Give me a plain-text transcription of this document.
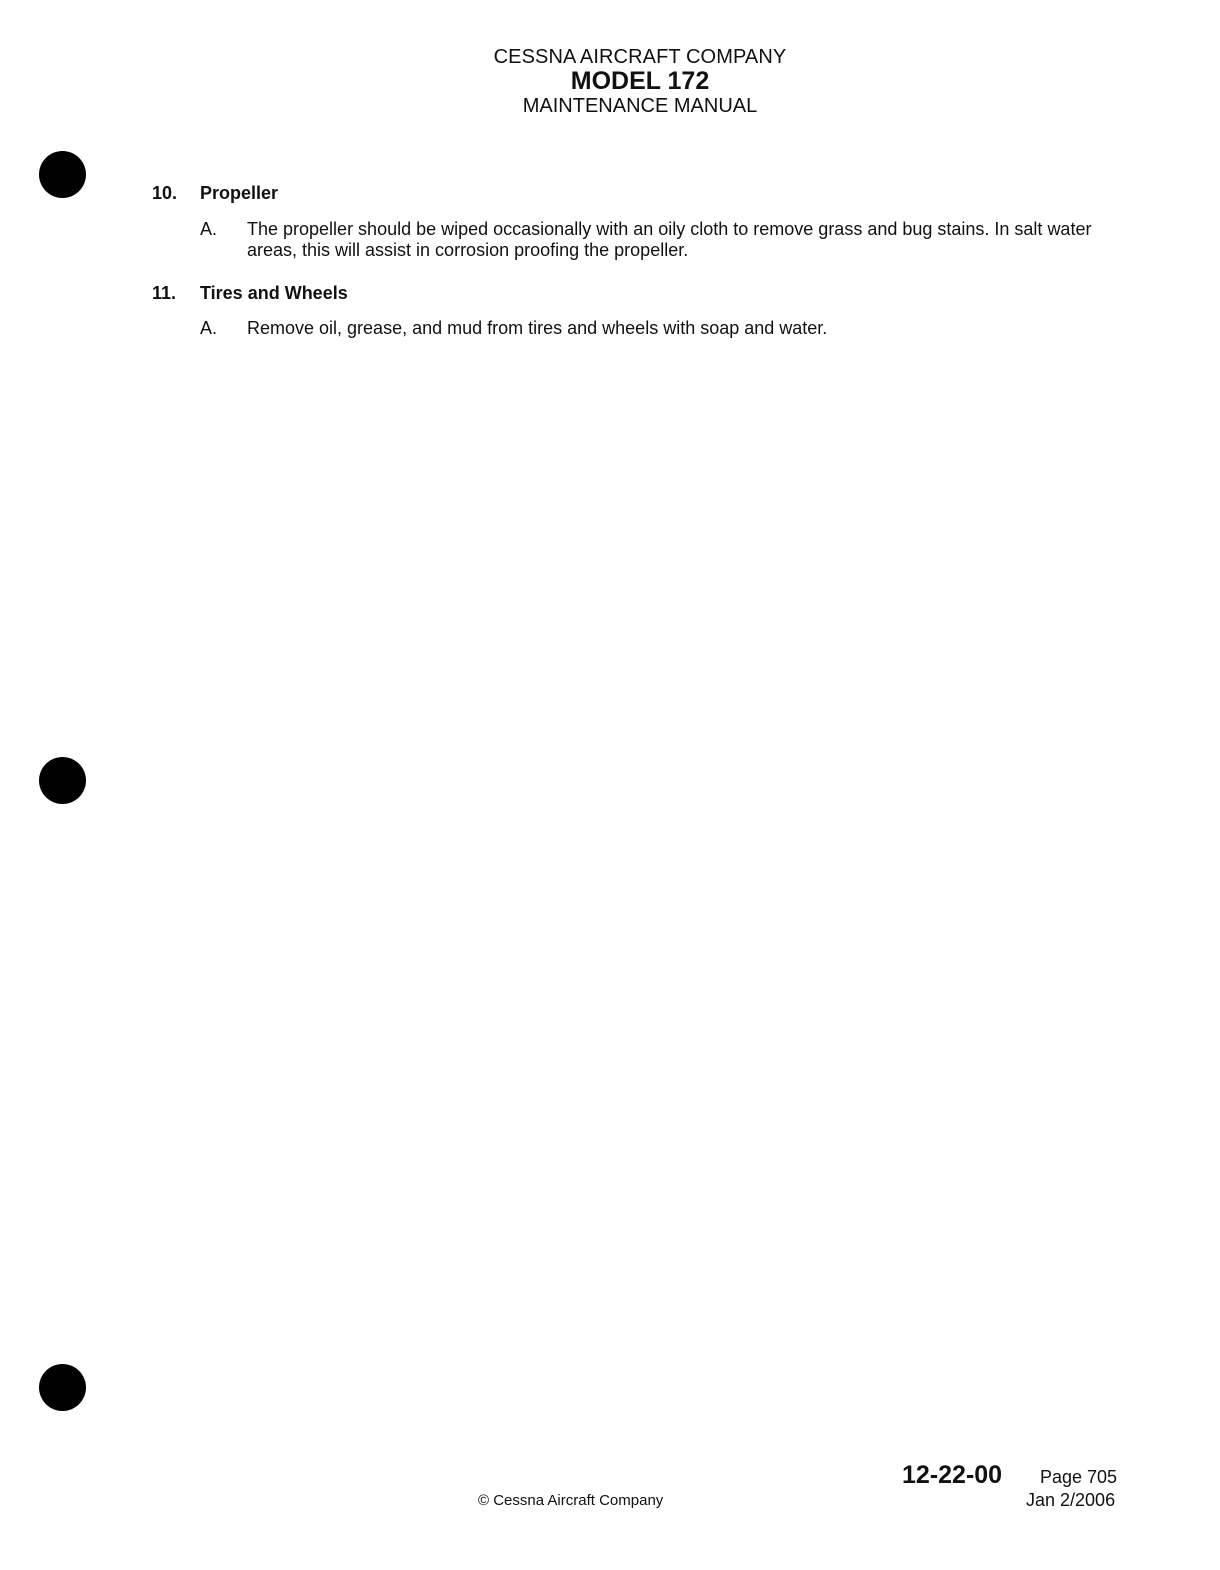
CESSNA AIRCRAFT COMPANY
MODEL 172
MAINTENANCE MANUAL
10.	Propeller
A.	The propeller should be wiped occasionally with an oily cloth to remove grass and bug stains. In salt water areas, this will assist in corrosion proofing the propeller.
11.	Tires and Wheels
A.	Remove oil, grease, and mud from tires and wheels with soap and water.
12-22-00 Page 705
Jan 2/2006
© Cessna Aircraft Company
